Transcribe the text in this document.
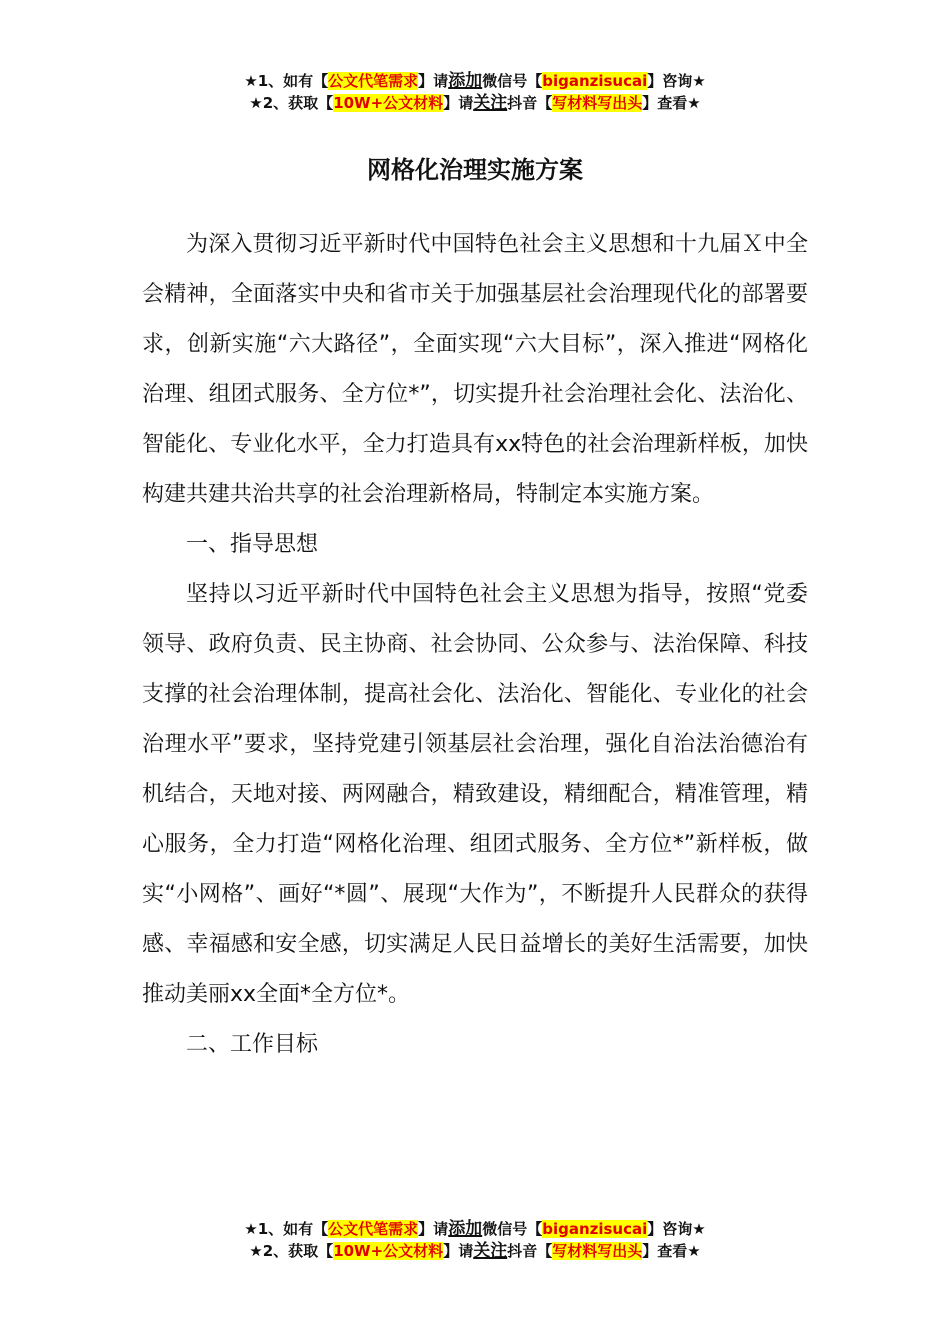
★1、如有【公文代笔需求】请添加微信号【biganzisucai】咨询★
★2、获取【10W+公文材料】请关注抖音【写材料写出头】查看★
网格化治理实施方案

为深入贯彻习近平新时代中国特色社会主义思想和十九届Ｘ中全会精神，全面落实中央和省市关于加强基层社会治理现代化的部署要求，创新实施“六大路径”，全面实现“六大目标”，深入推进“网格化治理、组团式服务、全方位*”，切实提升社会治理社会化、法治化、智能化、专业化水平，全力打造具有xx特色的社会治理新样板，加快构建共建共治共享的社会治理新格局，特制定本实施方案。

一、指导思想

坚持以习近平新时代中国特色社会主义思想为指导，按照“党委领导、政府负责、民主协商、社会协同、公众参与、法治保障、科技支撑的社会治理体制，提高社会化、法治化、智能化、专业化的社会治理水平”要求，坚持党建引领基层社会治理，强化自治法治德治有机结合，天地对接、两网融合，精致建设，精细配合，精准管理，精心服务，全力打造“网格化治理、组团式服务、全方位*”新样板，做实“小网格”、画好“*圆”、展现“大作为”，不断提升人民群众的获得感、幸福感和安全感，切实满足人民日益增长的美好生活需要，加快推动美丽xx全面*全方位*。

二、工作目标

★1、如有【公文代笔需求】请添加微信号【biganzisucai】咨询★
★2、获取【10W+公文材料】请关注抖音【写材料写出头】查看★
